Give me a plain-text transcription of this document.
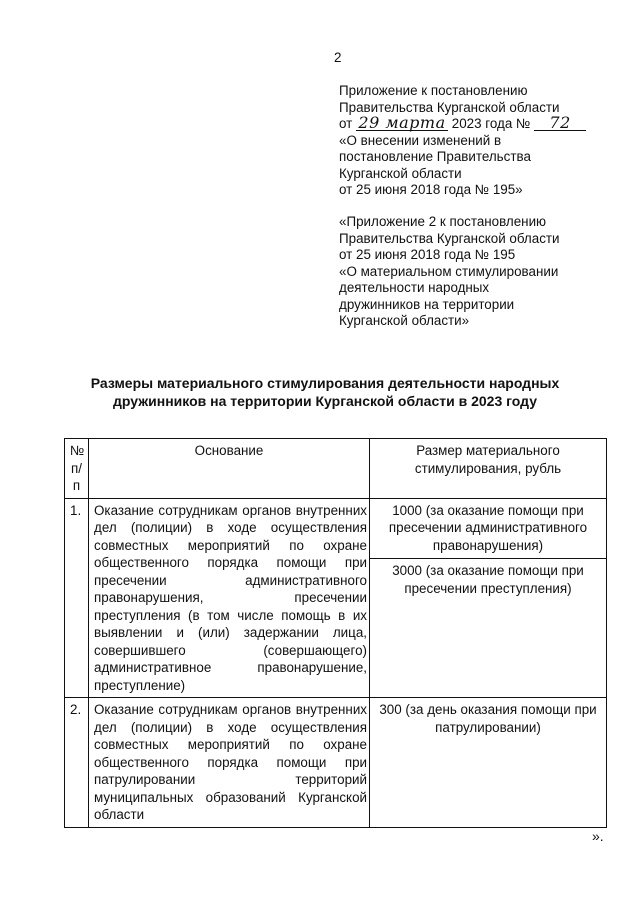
2
Приложение к постановлению
Правительства Курганской области
от 29 марта 2023 года № 72
«О внесении изменений в
постановление Правительства
Курганской области
от 25 июня 2018 года № 195»
«Приложение 2 к постановлению
Правительства Курганской области
от 25 июня 2018 года № 195
«О материальном стимулировании
деятельности народных
дружинников на территории
Курганской области»
Размеры материального стимулирования деятельности народных
дружинников на территории Курганской области в 2023 году
№ п/п	Основание	Размер материального стимулирования, рубль
1.	Оказание сотрудникам органов внутренних дел (полиции) в ходе осуществления совместных мероприятий по охране общественного порядка помощи при пресечении административного правонарушения, пресечении преступления (в том числе помощь в их выявлении и (или) задержании лица, совершившего (совершающего) административное правонарушение, преступление)	1000 (за оказание помощи при пресечении административного правонарушения)
3000 (за оказание помощи при пресечении преступления)

2.	Оказание сотрудникам органов внутренних дел (полиции) в ходе осуществления совместных мероприятий по охране общественного порядка помощи при патрулировании территорий муниципальных образований Курганской области	300 (за день оказания помощи при патрулировании)
».
